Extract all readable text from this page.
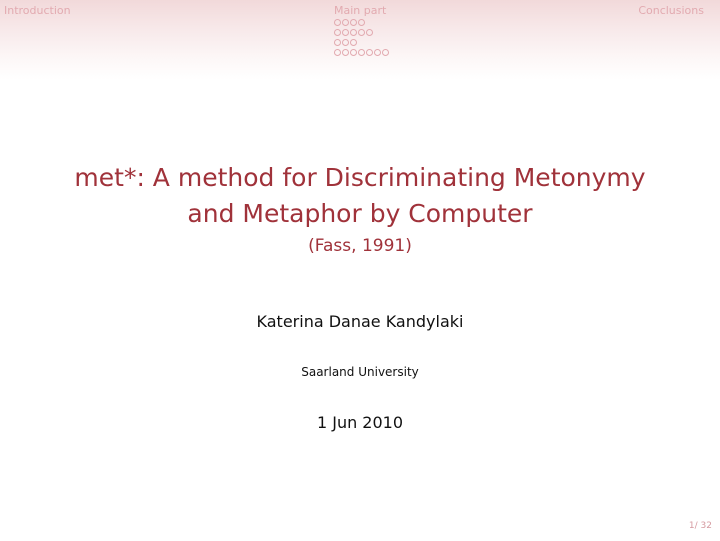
Introduction	Main part	Conclusions
met*: A method for Discriminating Metonymy
and Metaphor by Computer
(Fass, 1991)
Katerina Danae Kandylaki
Saarland University
1 Jun 2010
1/ 32
